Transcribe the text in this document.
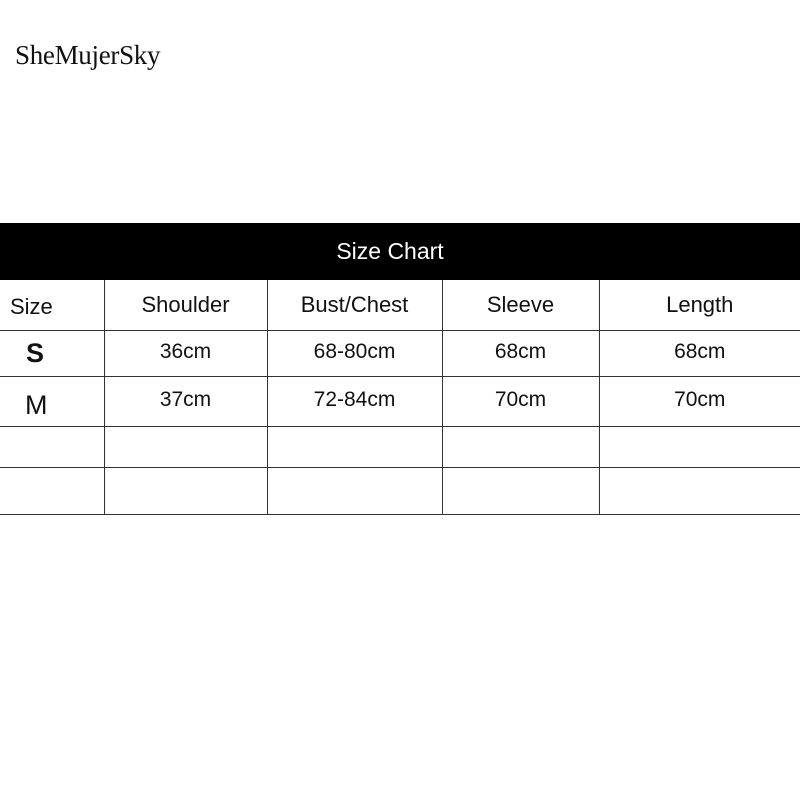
SheMujerSky
Size Chart
Size	Shoulder	Bust/Chest	Sleeve	Length
S	36cm	68-80cm	68cm	68cm
M	37cm	72-84cm	70cm	70cm
